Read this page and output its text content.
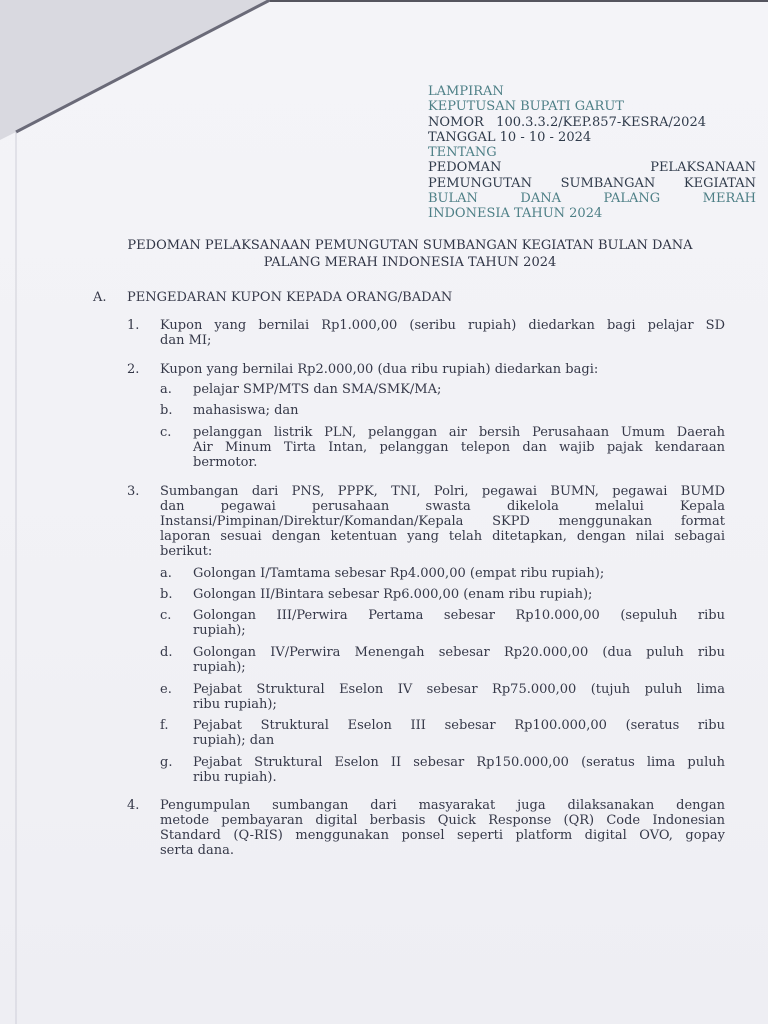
LAMPIRAN
KEPUTUSAN BUPATI GARUT
NOMOR   100.3.3.2/KEP.857-KESRA/2024
TANGGAL 10 - 10 - 2024
TENTANG
PEDOMAN PELAKSANAAN
PEMUNGUTAN SUMBANGAN KEGIATAN
BULAN DANA PALANG MERAH
INDONESIA TAHUN 2024
PEDOMAN PELAKSANAAN PEMUNGUTAN SUMBANGAN KEGIATAN BULAN DANA
PALANG MERAH INDONESIA TAHUN 2024
A. PENGEDARAN KUPON KEPADA ORANG/BADAN
1. Kupon yang bernilai Rp1.000,00 (seribu rupiah) diedarkan bagi pelajar SD
dan MI;
2. Kupon yang bernilai Rp2.000,00 (dua ribu rupiah) diedarkan bagi:
a. pelajar SMP/MTS dan SMA/SMK/MA;
b. mahasiswa; dan
c. pelanggan listrik PLN, pelanggan air bersih Perusahaan Umum Daerah
Air Minum Tirta Intan, pelanggan telepon dan wajib pajak kendaraan
bermotor.
3. Sumbangan dari PNS, PPPK, TNI, Polri, pegawai BUMN, pegawai BUMD
dan pegawai perusahaan swasta dikelola melalui Kepala
Instansi/Pimpinan/Direktur/Komandan/Kepala SKPD menggunakan format
laporan sesuai dengan ketentuan yang telah ditetapkan, dengan nilai sebagai
berikut:
a. Golongan I/Tamtama sebesar Rp4.000,00 (empat ribu rupiah);
b. Golongan II/Bintara sebesar Rp6.000,00 (enam ribu rupiah);
c. Golongan III/Perwira Pertama sebesar Rp10.000,00 (sepuluh ribu
rupiah);
d. Golongan IV/Perwira Menengah sebesar Rp20.000,00 (dua puluh ribu
rupiah);
e. Pejabat Struktural Eselon IV sebesar Rp75.000,00 (tujuh puluh lima
ribu rupiah);
f. Pejabat Struktural Eselon III sebesar Rp100.000,00 (seratus ribu
rupiah); dan
g. Pejabat Struktural Eselon II sebesar Rp150.000,00 (seratus lima puluh
ribu rupiah).
4. Pengumpulan sumbangan dari masyarakat juga dilaksanakan dengan
metode pembayaran digital berbasis Quick Response (QR) Code Indonesian
Standard (Q-RIS) menggunakan ponsel seperti platform digital OVO, gopay
serta dana.
